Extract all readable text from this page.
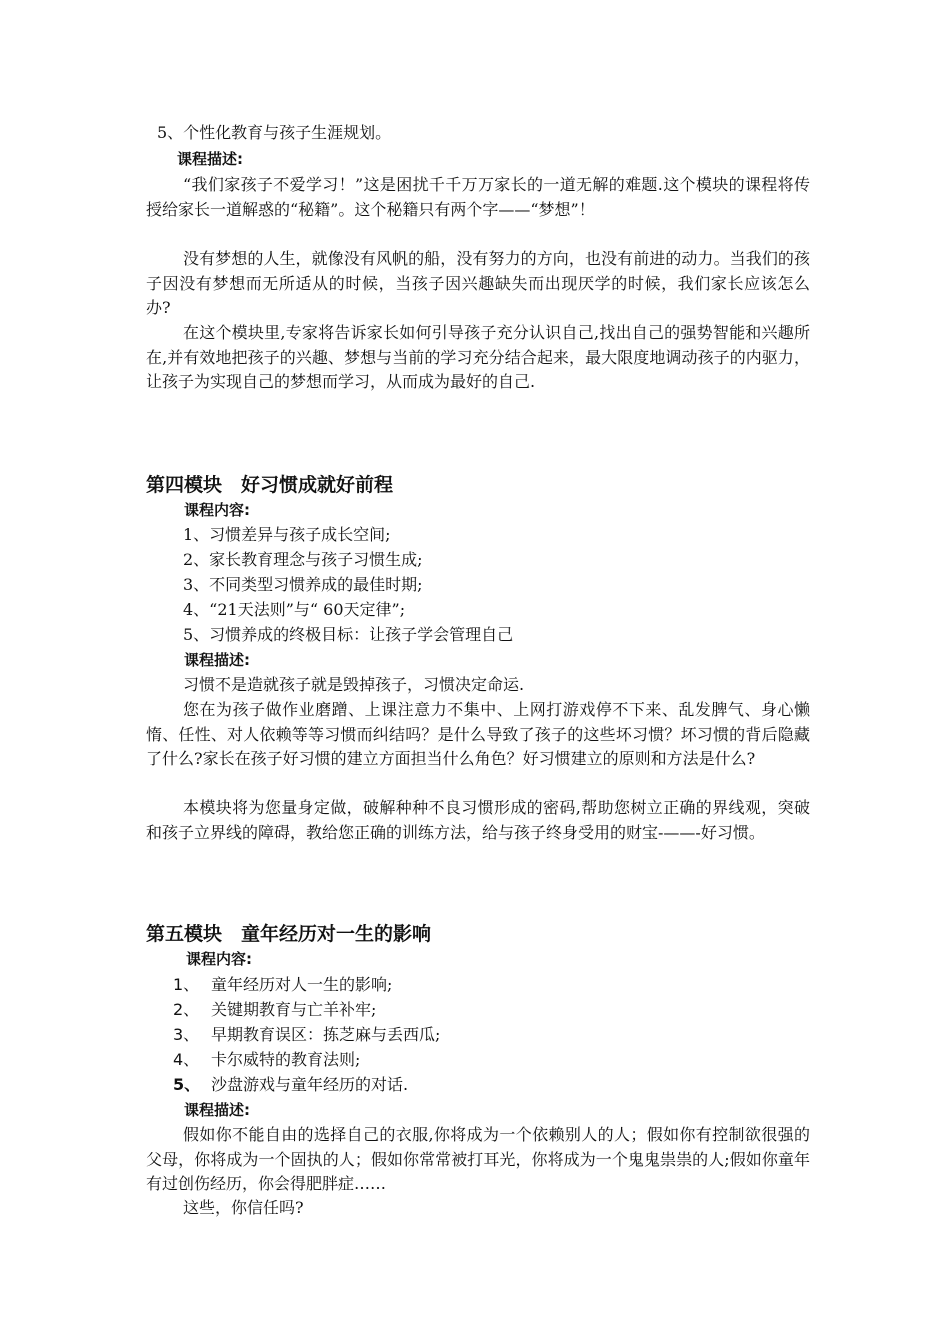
5、个性化教育与孩子生涯规划。
课程描述:
“我们家孩子不爱学习！”这是困扰千千万万家长的一道无解的难题.这个模块的课程将传授给家长一道解惑的“秘籍”。这个秘籍只有两个字——“梦想”！
没有梦想的人生，就像没有风帆的船，没有努力的方向，也没有前进的动力。当我们的孩子因没有梦想而无所适从的时候，当孩子因兴趣缺失而出现厌学的时候，我们家长应该怎么办?
在这个模块里,专家将告诉家长如何引导孩子充分认识自己,找出自己的强势智能和兴趣所在,并有效地把孩子的兴趣、梦想与当前的学习充分结合起来，最大限度地调动孩子的内驱力，让孩子为实现自己的梦想而学习，从而成为最好的自己.
第四模块　好习惯成就好前程
课程内容:
1、习惯差异与孩子成长空间;
2、家长教育理念与孩子习惯生成;
3、不同类型习惯养成的最佳时期;
4、“21天法则”与“ 60天定律”;
5、习惯养成的终极目标：让孩子学会管理自己
课程描述:
习惯不是造就孩子就是毁掉孩子，习惯决定命运.
您在为孩子做作业磨蹭、上课注意力不集中、上网打游戏停不下来、乱发脾气、身心懒惰、任性、对人依赖等等习惯而纠结吗？是什么导致了孩子的这些坏习惯？坏习惯的背后隐藏了什么?家长在孩子好习惯的建立方面担当什么角色？好习惯建立的原则和方法是什么?
本模块将为您量身定做，破解种种不良习惯形成的密码,帮助您树立正确的界线观，突破和孩子立界线的障碍，教给您正确的训练方法，给与孩子终身受用的财宝-——-好习惯。
第五模块　童年经历对一生的影响
课程内容:
1、 童年经历对人一生的影响;
2、 关键期教育与亡羊补牢;
3、 早期教育误区：拣芝麻与丢西瓜;
4、 卡尔威特的教育法则;
5、 沙盘游戏与童年经历的对话.
课程描述:
假如你不能自由的选择自己的衣服,你将成为一个依赖别人的人；假如你有控制欲很强的父母，你将成为一个固执的人；假如你常常被打耳光，你将成为一个鬼鬼祟祟的人;假如你童年有过创伤经历，你会得肥胖症……
这些，你信任吗?
